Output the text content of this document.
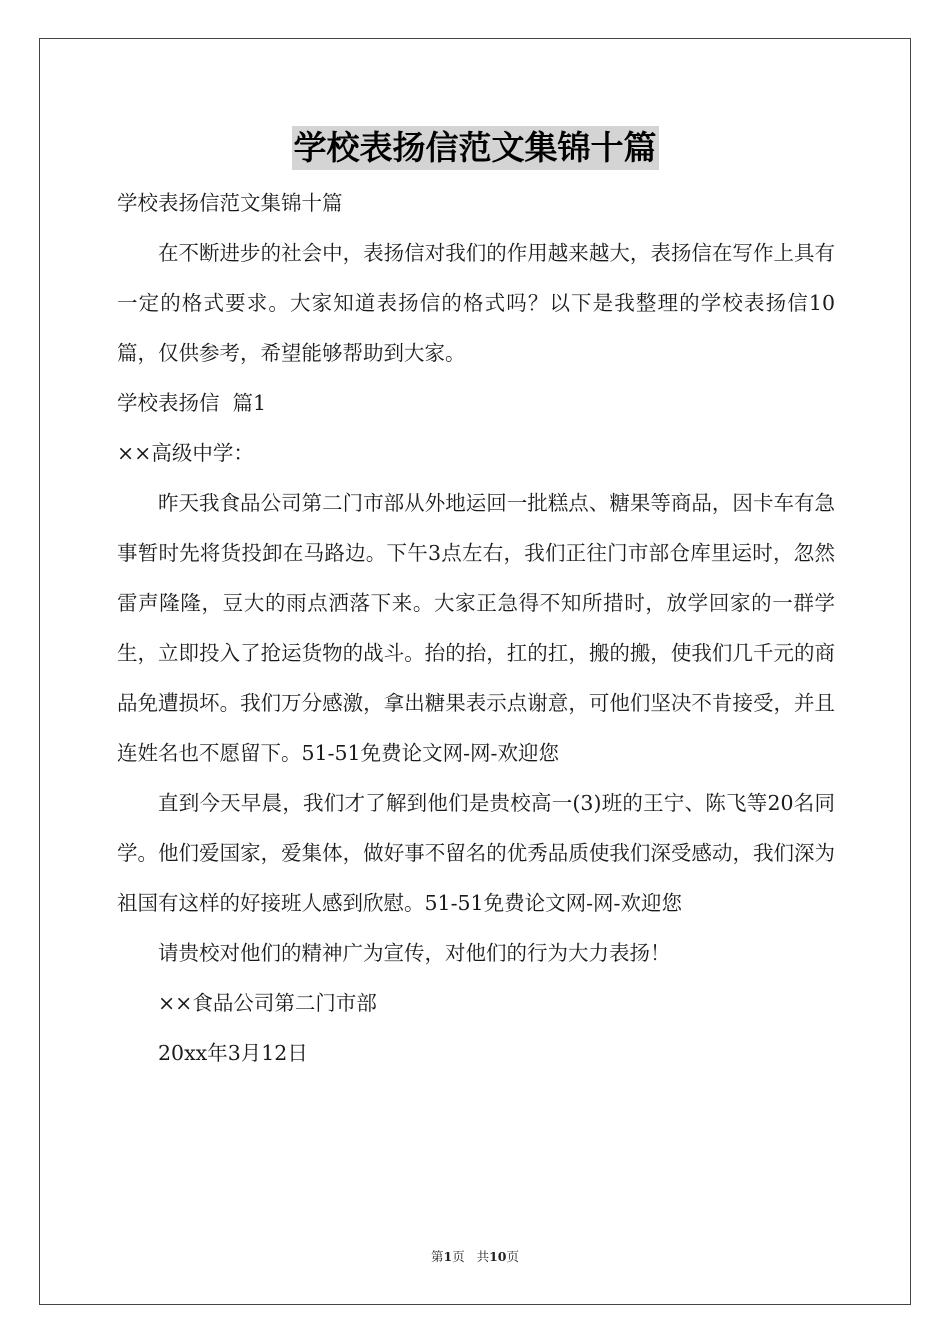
学校表扬信范文集锦十篇

学校表扬信范文集锦十篇

在不断进步的社会中，表扬信对我们的作用越来越大，表扬信在写作上具有一定的格式要求。大家知道表扬信的格式吗？以下是我整理的学校表扬信10篇，仅供参考，希望能够帮助到大家。

学校表扬信  篇1

××高级中学：

昨天我食品公司第二门市部从外地运回一批糕点、糖果等商品，因卡车有急事暂时先将货投卸在马路边。下午3点左右，我们正往门市部仓库里运时，忽然雷声隆隆，豆大的雨点洒落下来。大家正急得不知所措时，放学回家的一群学生，立即投入了抢运货物的战斗。抬的抬，扛的扛，搬的搬，使我们几千元的商品免遭损坏。我们万分感激，拿出糖果表示点谢意，可他们坚决不肯接受，并且连姓名也不愿留下。51-51免费论文网-网-欢迎您

直到今天早晨，我们才了解到他们是贵校高一(3)班的王宁、陈飞等20名同学。他们爱国家，爱集体，做好事不留名的优秀品质使我们深受感动，我们深为祖国有这样的好接班人感到欣慰。51-51免费论文网-网-欢迎您

请贵校对他们的精神广为宣传，对他们的行为大力表扬！

××食品公司第二门市部

20xx年3月12日

第1页   共10页
